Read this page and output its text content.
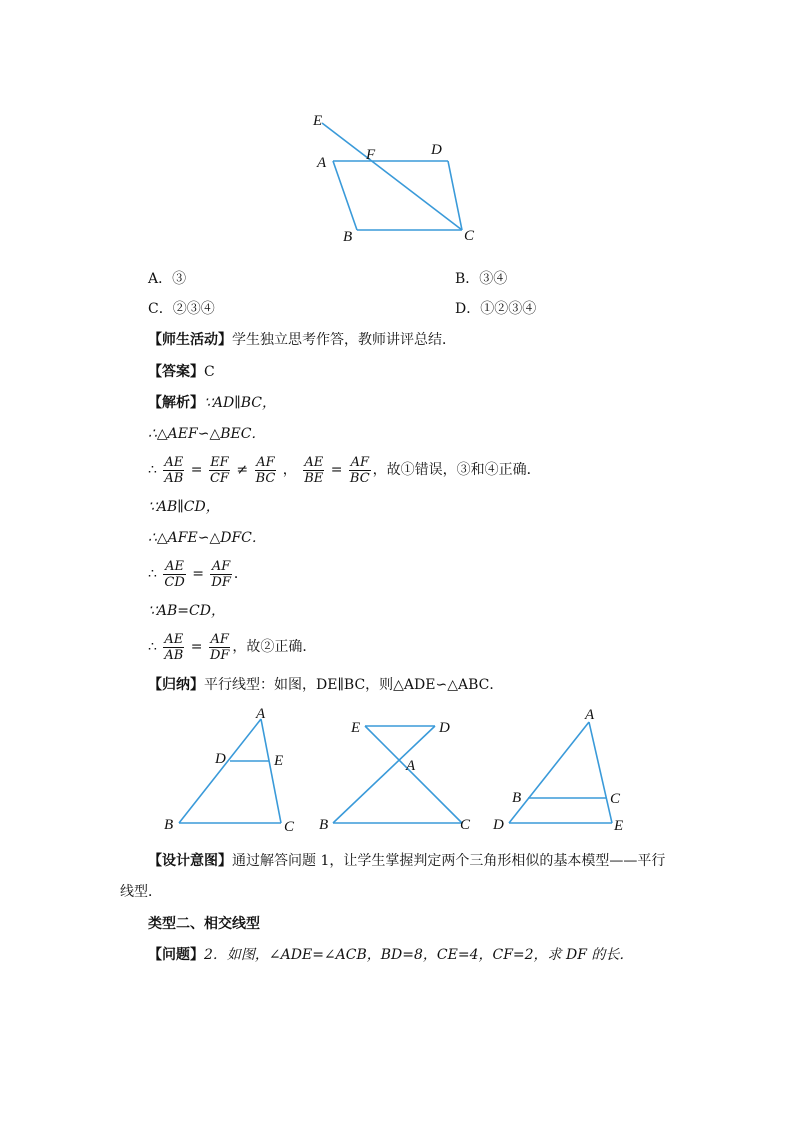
E
F	D
A
B	C
A．③	B．③④
C．②③④	D．①②③④
【师生活动】学生独立思考作答，教师讲评总结．
【答案】C
【解析】∵AD∥BC，
∴△AEF∽△BEC．
∴ $\frac{AE}{AB} = \frac{EF}{CF} \ne \frac{AF}{BC}$ ， $\frac{AE}{BE} = \frac{AF}{BC}$ ，故①错误，③和④正确．
∵AB∥CD，
∴△AFE∽△DFC．
∴ $\frac{AE}{CD} = \frac{AF}{DF}$ ．
∵AB=CD，
∴ $\frac{AE}{AB} = \frac{AF}{DF}$ ，故②正确．
【归纳】平行线型：如图，DE∥BC，则△ADE∽△ABC．
A
D	E
B	C
E	D
A
B	C
A
B	C
D	E
【设计意图】通过解答问题 1，让学生掌握判定两个三角形相似的基本模型——平行
线型．
类型二、相交线型
【问题】2．如图，∠ADE=∠ACB，BD=8，CE=4，CF=2，求 DF 的长．
